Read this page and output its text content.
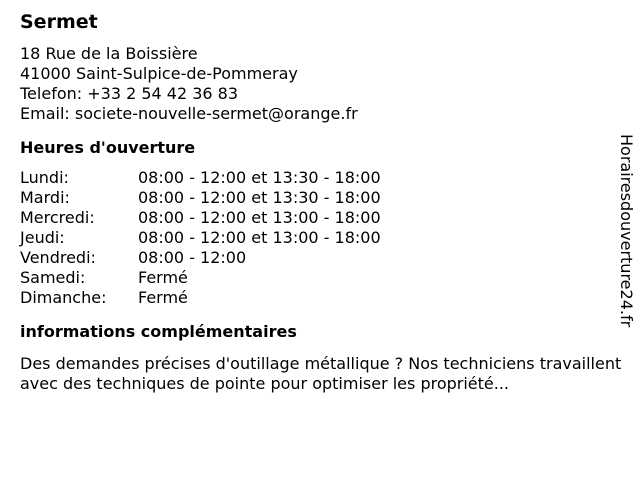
Sermet
18 Rue de la Boissière
41000 Saint-Sulpice-de-Pommeray
Telefon: +33 2 54 42 36 83
Email: societe-nouvelle-sermet@orange.fr
Heures d'ouverture
Lundi:	08:00 - 12:00 et 13:30 - 18:00
Mardi:	08:00 - 12:00 et 13:30 - 18:00
Mercredi:	08:00 - 12:00 et 13:00 - 18:00
Jeudi:	08:00 - 12:00 et 13:00 - 18:00
Vendredi:	08:00 - 12:00
Samedi:	Fermé
Dimanche:	Fermé
informations complémentaires
Des demandes précises d'outillage métallique ? Nos techniciens travaillent avec des techniques de pointe pour optimiser les propriété...
Horairesdouverture24.fr
